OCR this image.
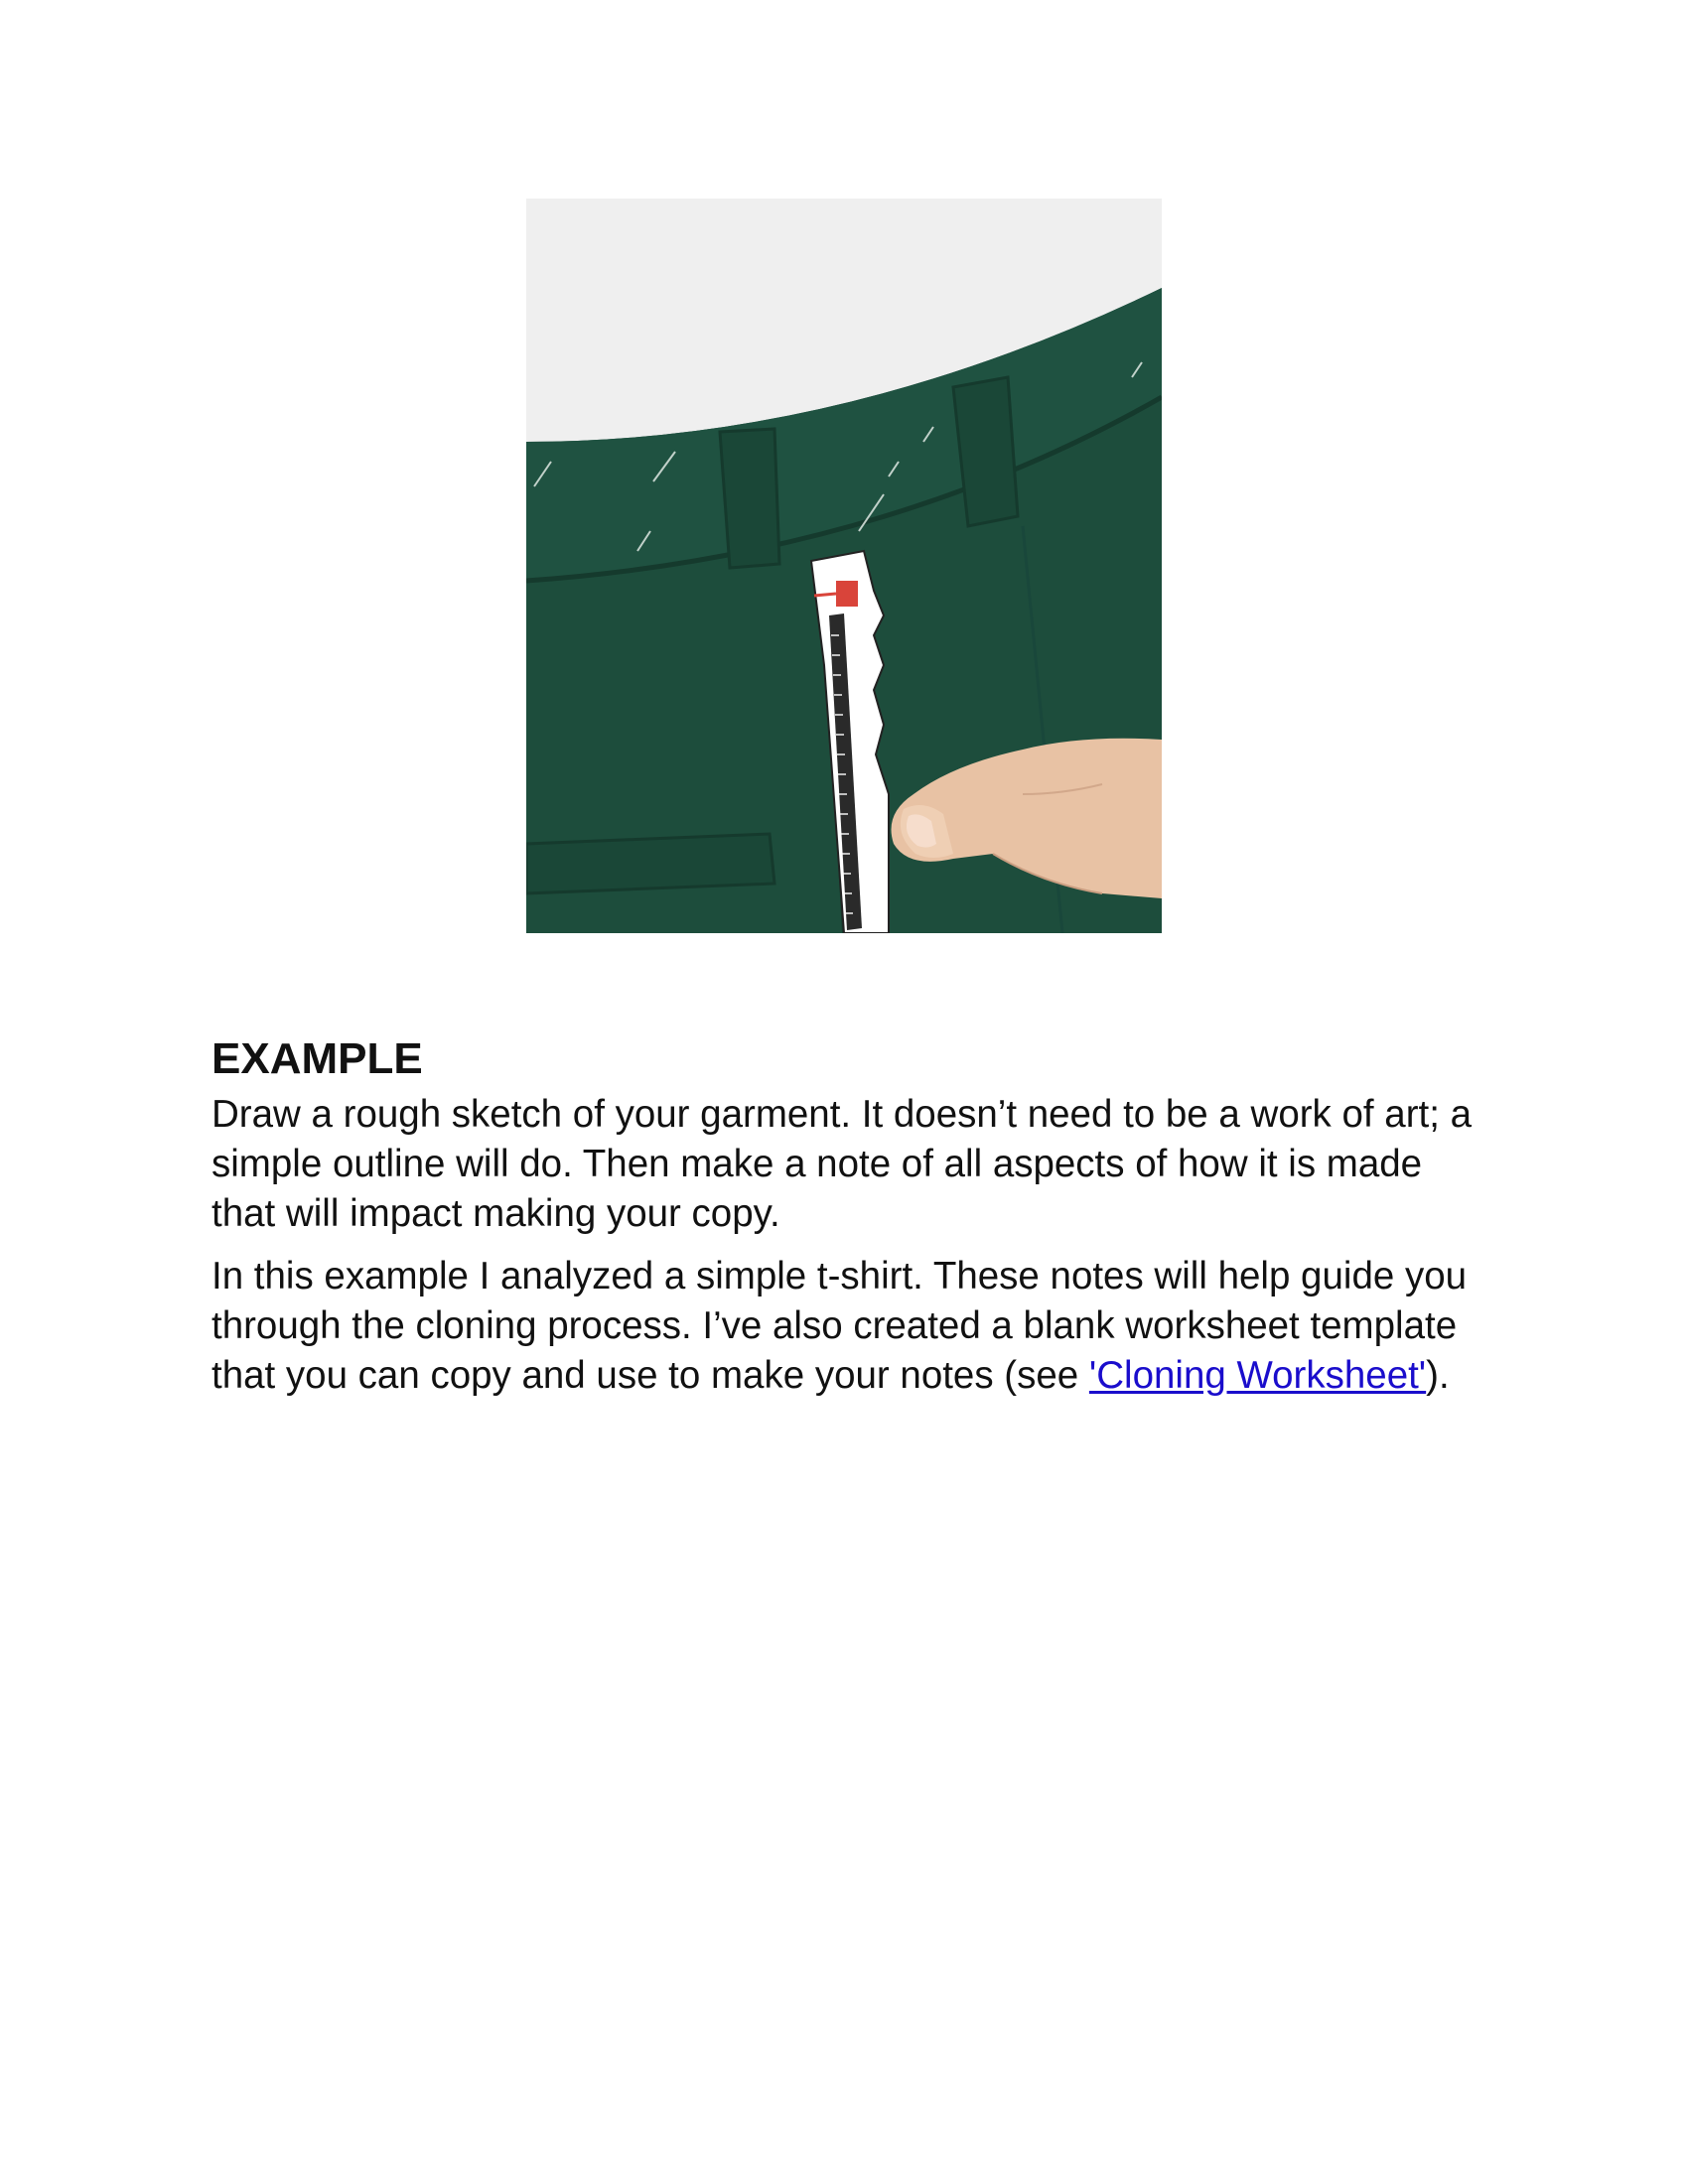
EXAMPLE

Draw a rough sketch of your garment. It doesn’t need to be a work of art; a simple outline will do. Then make a note of all aspects of how it is made that will impact making your copy.

In this example I analyzed a simple t-shirt. These notes will help guide you through the cloning process. I’ve also created a blank worksheet template that you can copy and use to make your notes (see 'Cloning Worksheet').
